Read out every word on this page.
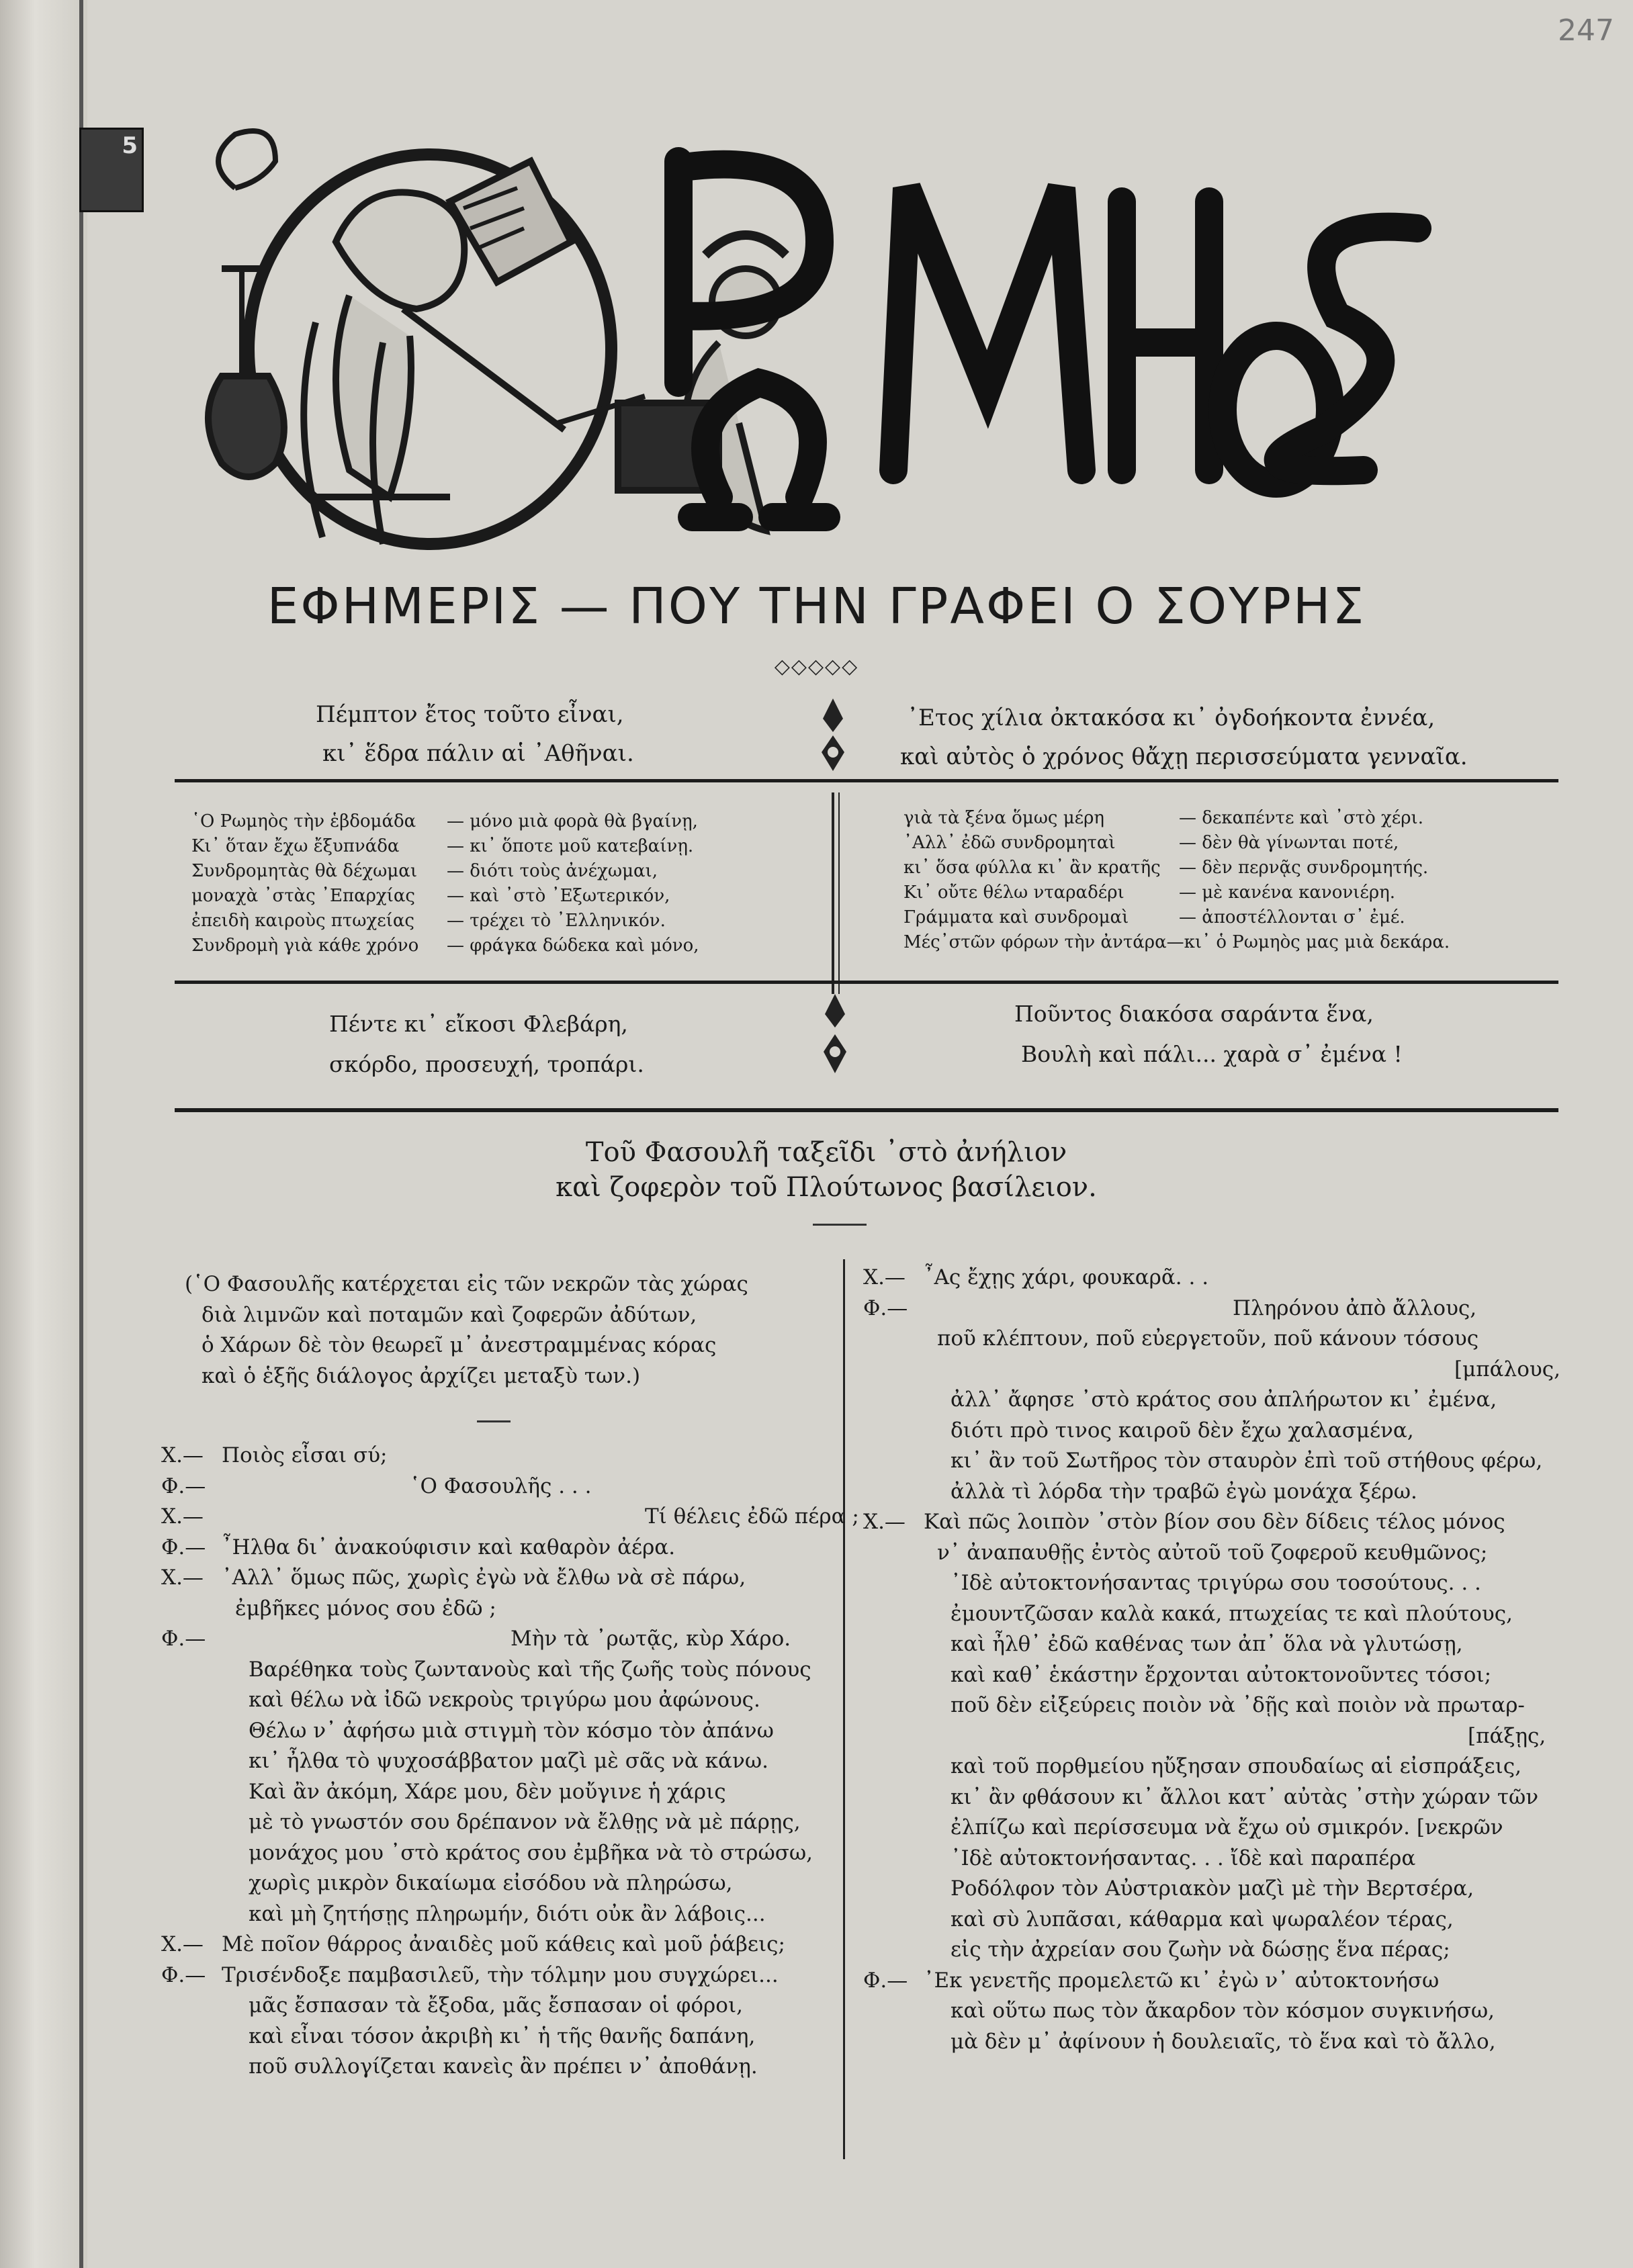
247
5
ΡΩΜΗΟΣ
ΕΦΗΜΕΡΙΣ — ΠΟΥ ΤΗΝ ΓΡΑΦΕΙ Ο ΣΟΥΡΗΣ
◇◇◇◇◇
Πέμπτον ἔτος τοῦτο εἶναι,
κι᾽ ἕδρα πάλιν αἱ ᾽Αθῆναι.
᾽Ετος χίλια ὀκτακόσα κι᾽ ὀγδοήκοντα ἐννέα,
καὶ αὐτὸς ὁ χρόνος θἄχῃ περισσεύματα γενναῖα.
῾Ο Ρωμηὸς τὴν ἑβδομάδα	— μόνο μιὰ φορὰ θὰ βγαίνῃ,
Κι᾽ ὅταν ἔχω ἔξυπνάδα	— κι᾽ ὅποτε μοῦ κατεβαίνῃ.
Συνδρομητὰς θὰ δέχωμαι	— διότι τοὺς ἀνέχωμαι,
μοναχὰ ᾽στὰς ᾽Επαρχίας	— καὶ ᾽στὸ ᾽Εξωτερικόν,
ἐπειδὴ καιροὺς πτωχείας	— τρέχει τὸ ᾽Ελληνικόν.
Συνδρομὴ γιὰ κάθε χρόνο	— φράγκα δώδεκα καὶ μόνο,
γιὰ τὰ ξένα ὅμως μέρη	— δεκαπέντε καὶ ᾽στὸ χέρι.
᾽Αλλ᾽ ἐδῶ συνδρομηταὶ	— δὲν θὰ γίνωνται ποτέ,
κι᾽ ὅσα φύλλα κι᾽ ἂν κρατῆς	— δὲν περνᾷς συνδρομητής.
Κι᾽ οὔτε θέλω νταραδέρι	— μὲ κανένα κανονιέρη.
Γράμματα καὶ συνδρομαὶ	— ἀποστέλλονται σ᾽ ἐμέ.
Μές᾽στῶν φόρων τὴν ἀντάρα—κι᾽ ὁ Ρωμηὸς μας μιὰ δεκάρα.
Πέντε κι᾽ εἴκοσι Φλεβάρη,
σκόρδο, προσευχή, τροπάρι.
Ποῦντος διακόσα σαράντα ἕνα,
Βουλὴ καὶ πάλι... χαρὰ σ᾽ ἐμένα !
Τοῦ Φασουλῆ ταξεῖδι ᾽στὸ ἀνήλιον
καὶ ζοφερὸν τοῦ Πλούτωνος βασίλειον.
(῾Ο Φασουλῆς κατέρχεται εἰς τῶν νεκρῶν τὰς χώρας
διὰ λιμνῶν καὶ ποταμῶν καὶ ζοφερῶν ἀδύτων,
ὁ Χάρων δὲ τὸν θεωρεῖ μ᾽ ἀνεστραμμένας κόρας
καὶ ὁ ἑξῆς διάλογος ἀρχίζει μεταξὺ των.)
Χ.— Ποιὸς εἶσαι σύ;
Φ.—	῾Ο Φασουλῆς . . .
Χ.—	Τί θέλεις ἐδῶ πέρα ;
Φ.— ῏Ηλθα δι᾽ ἀνακούφισιν καὶ καθαρὸν ἀέρα.
Χ.— ᾽Αλλ᾽ ὅμως πῶς, χωρὶς ἐγὼ νὰ ἔλθω νὰ σὲ πάρω,
ἐμβῆκες μόνος σου ἐδῶ ;
Φ.—	Μὴν τὰ ᾽ρωτᾷς, κὺρ Χάρο.
Βαρέθηκα τοὺς ζωντανοὺς καὶ τῆς ζωῆς τοὺς πόνους
καὶ θέλω νὰ ἰδῶ νεκροὺς τριγύρω μου ἀφώνους.
Θέλω ν᾽ ἀφήσω μιὰ στιγμὴ τὸν κόσμο τὸν ἀπάνω
κι᾽ ἦλθα τὸ ψυχοσάββατον μαζὶ μὲ σᾶς νὰ κάνω.
Καὶ ἂν ἀκόμη, Χάρε μου, δὲν μοὔγινε ἡ χάρις
μὲ τὸ γνωστόν σου δρέπανον νὰ ἔλθῃς νὰ μὲ πάρῃς,
μονάχος μου ᾽στὸ κράτος σου ἐμβῆκα νὰ τὸ στρώσω,
χωρὶς μικρὸν δικαίωμα εἰσόδου νὰ πληρώσω,
καὶ μὴ ζητήσῃς πληρωμήν, διότι οὐκ ἂν λάβοις...
Χ.— Μὲ ποῖον θάρρος ἀναιδὲς μοῦ κάθεις καὶ μοῦ ῥάβεις;
Φ.— Τρισένδοξε παμβασιλεῦ, τὴν τόλμην μου συγχώρει...
μᾶς ἔσπασαν τὰ ἔξοδα, μᾶς ἔσπασαν οἱ φόροι,
καὶ εἶναι τόσον ἀκριβὴ κι᾽ ἡ τῆς θανῆς δαπάνη,
ποῦ συλλογίζεται κανεὶς ἂν πρέπει ν᾽ ἀποθάνῃ.
Χ.— ῏Ας ἔχῃς χάρι, φουκαρᾶ. . .
Φ.—	Πληρόνου ἀπὸ ἄλλους,
ποῦ κλέπτουν, ποῦ εὐεργετοῦν, ποῦ κάνουν τόσους
[μπάλους,
ἀλλ᾽ ἄφησε ᾽στὸ κράτος σου ἀπλήρωτον κι᾽ ἐμένα,
διότι πρὸ τινος καιροῦ δὲν ἔχω χαλασμένα,
κι᾽ ἂν τοῦ Σωτῆρος τὸν σταυρὸν ἐπὶ τοῦ στήθους φέρω,
ἀλλὰ τὶ λόρδα τὴν τραβῶ ἐγὼ μονάχα ξέρω.
Χ.— Καὶ πῶς λοιπὸν ᾽στὸν βίον σου δὲν δίδεις τέλος μόνος
ν᾽ ἀναπαυθῇς ἐντὸς αὐτοῦ τοῦ ζοφεροῦ κευθμῶνος;
᾽Ιδὲ αὐτοκτονήσαντας τριγύρω σου τοσούτους. . .
ἐμουντζῶσαν καλὰ κακά, πτωχείας τε καὶ πλούτους,
καὶ ἦλθ᾽ ἐδῶ καθένας των ἀπ᾽ ὅλα νὰ γλυτώσῃ,
καὶ καθ᾽ ἑκάστην ἔρχονται αὐτοκτονοῦντες τόσοι;
ποῦ δὲν εἰξεύρεις ποιὸν νὰ ᾽δῇς καὶ ποιὸν νὰ πρωταρ-
[πάξῃς,
καὶ τοῦ πορθμείου ηὔξησαν σπουδαίως αἱ εἰσπράξεις,
κι᾽ ἂν φθάσουν κι᾽ ἄλλοι κατ᾽ αὐτὰς ᾽στὴν χώραν τῶν
ἐλπίζω καὶ περίσσευμα νὰ ἔχω οὐ σμικρόν. [νεκρῶν
᾽Ιδὲ αὐτοκτονήσαντας. . . ἴδὲ καὶ παραπέρα
Ροδόλφον τὸν Αὐστριακὸν μαζὶ μὲ τὴν Βερτσέρα,
καὶ σὺ λυπᾶσαι, κάθαρμα καὶ ψωραλέον τέρας,
εἰς τὴν ἀχρείαν σου ζωὴν νὰ δώσῃς ἕνα πέρας;
Φ.— ᾽Εκ γενετῆς προμελετῶ κι᾽ ἐγὼ ν᾽ αὐτοκτονήσω
καὶ οὕτω πως τὸν ἄκαρδον τὸν κόσμον συγκινήσω,
μὰ δὲν μ᾽ ἀφίνουν ἡ δουλειαῖς, τὸ ἕνα καὶ τὸ ἄλλο,
